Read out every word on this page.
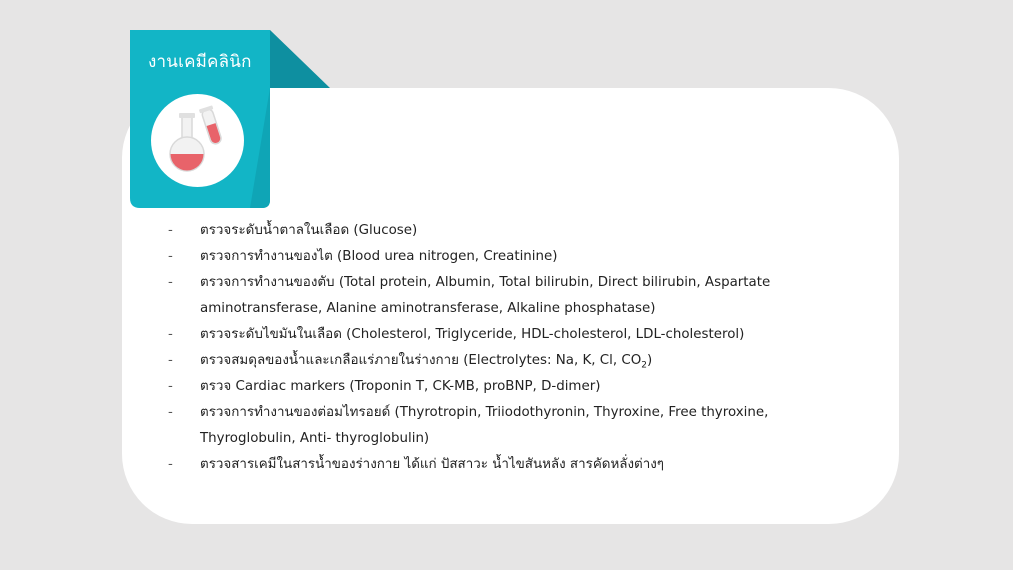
งานเคมีคลินิก
-	ตรวจระดับน้ำตาลในเลือด (Glucose)
-	ตรวจการทำงานของไต (Blood urea nitrogen, Creatinine)
-	ตรวจการทำงานของตับ (Total protein, Albumin, Total bilirubin, Direct bilirubin, Aspartate aminotransferase, Alanine aminotransferase, Alkaline phosphatase)
-	ตรวจระดับไขมันในเลือด (Cholesterol, Triglyceride, HDL-cholesterol, LDL-cholesterol)
-	ตรวจสมดุลของน้ำและเกลือแร่ภายในร่างกาย (Electrolytes: Na, K, Cl, $CO_2$)
-	ตรวจ Cardiac markers (Troponin T, CK-MB, proBNP, D-dimer)
-	ตรวจการทำงานของต่อมไทรอยด์ (Thyrotropin, Triiodothyronin, Thyroxine, Free thyroxine, Thyroglobulin, Anti- thyroglobulin)
-	ตรวจสารเคมีในสารน้ำของร่างกาย ได้แก่ ปัสสาวะ น้ำไขสันหลัง สารคัดหลั่งต่างๆ
